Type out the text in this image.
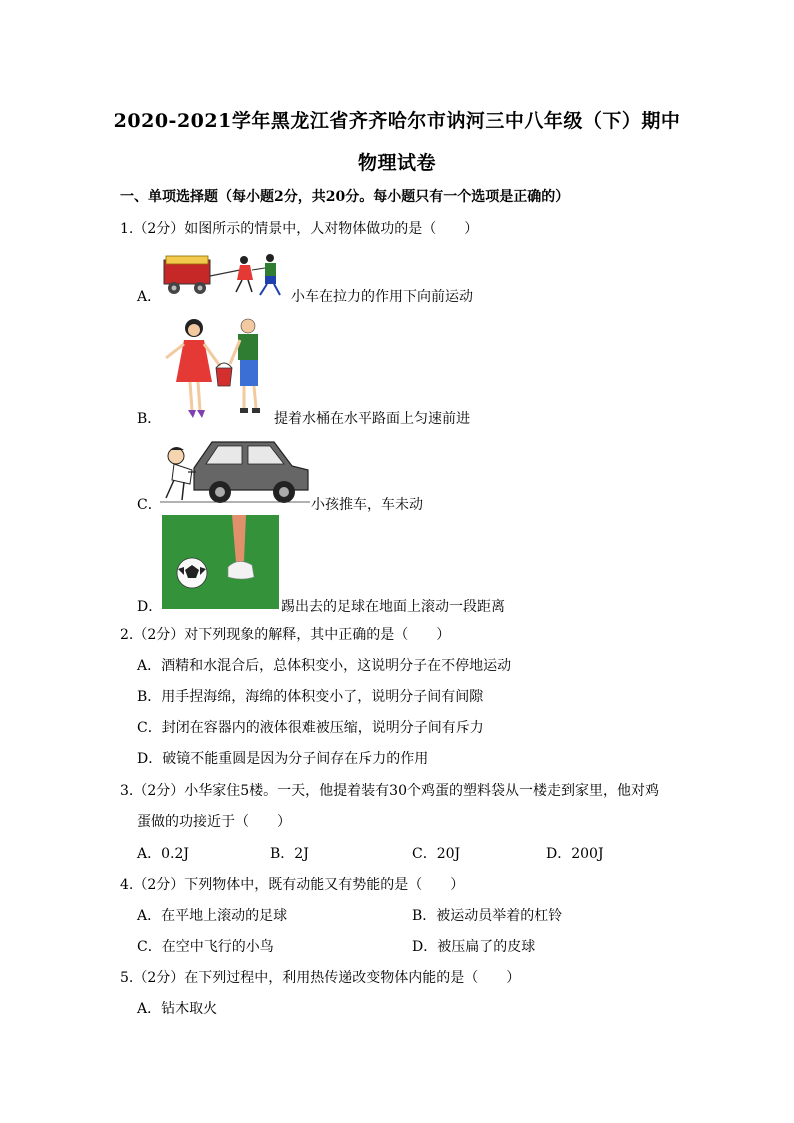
2020-2021学年黑龙江省齐齐哈尔市讷河三中八年级（下）期中
物理试卷
一、单项选择题（每小题2分，共20分。每小题只有一个选项是正确的）
1.（2分）如图所示的情景中，人对物体做功的是（　　）
A．	小车在拉力的作用下向前运动
B．	提着水桶在水平路面上匀速前进
C．	小孩推车，车未动
D．	踢出去的足球在地面上滚动一段距离
2.（2分）对下列现象的解释，其中正确的是（　　）
A．酒精和水混合后，总体积变小，这说明分子在不停地运动
B．用手捏海绵，海绵的体积变小了，说明分子间有间隙
C．封闭在容器内的液体很难被压缩，说明分子间有斥力
D．破镜不能重圆是因为分子间存在斥力的作用
3.（2分）小华家住5楼。一天，他提着装有30个鸡蛋的塑料袋从一楼走到家里，他对鸡
蛋做的功接近于（　　）
A．0.2J	B．2J	C．20J	D．200J
4.（2分）下列物体中，既有动能又有势能的是（　　）
A．在平地上滚动的足球	B．被运动员举着的杠铃
C．在空中飞行的小鸟	D．被压扁了的皮球
5.（2分）在下列过程中，利用热传递改变物体内能的是（　　）
A．钻木取火
